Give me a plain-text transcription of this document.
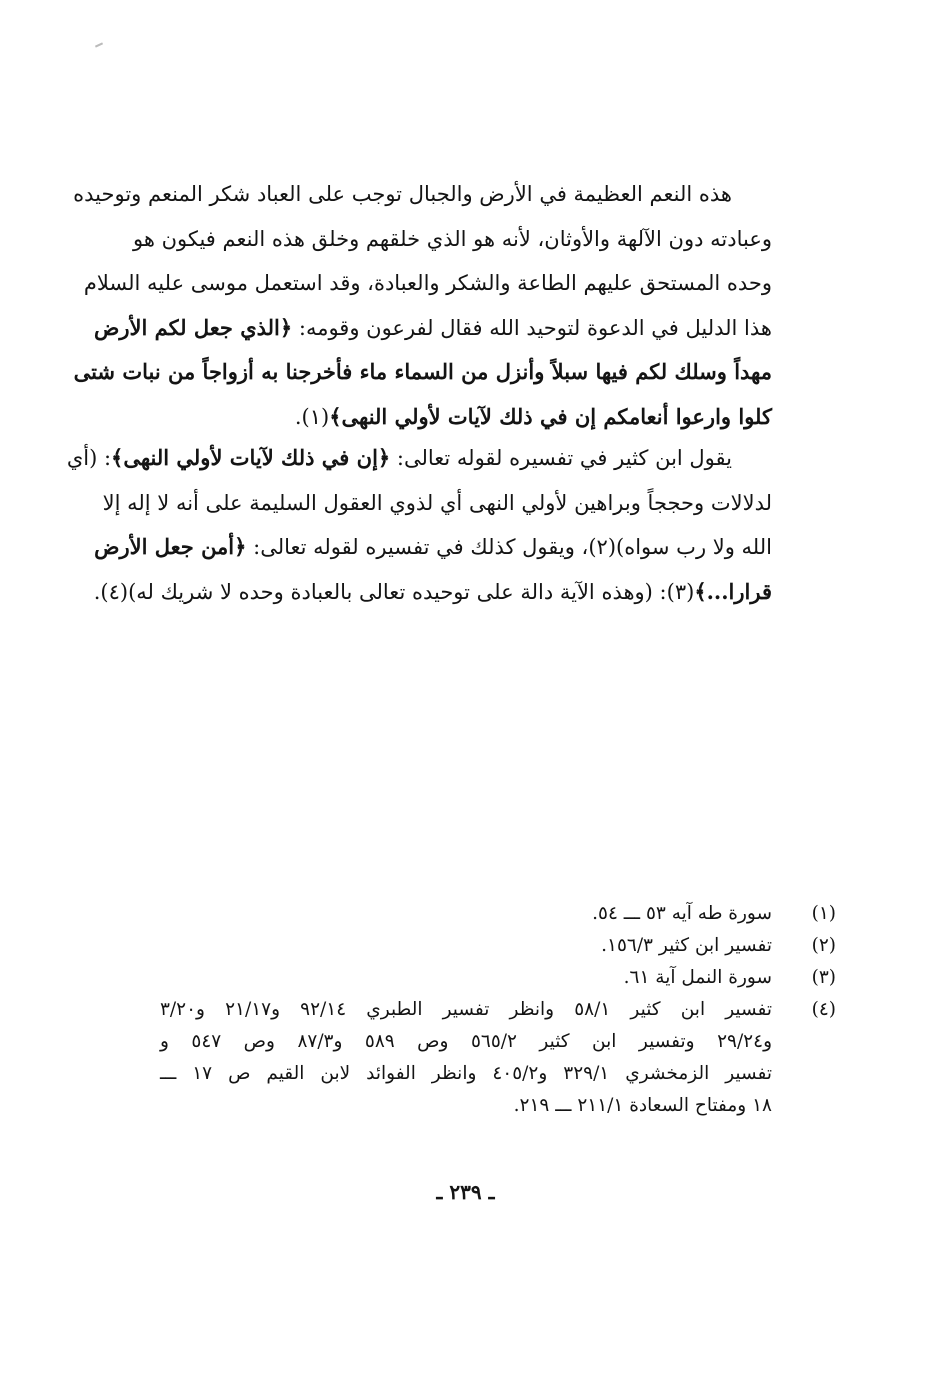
هذه النعم العظيمة في الأرض والجبال توجب على العباد شكر المنعم وتوحيده
وعبادته دون الآلهة والأوثان، لأنه هو الذي خلقهم وخلق هذه النعم فيكون هو
وحده المستحق عليهم الطاعة والشكر والعبادة، وقد استعمل موسى عليه السلام
هذا الدليل في الدعوة لتوحيد الله فقال لفرعون وقومه: ﴿الذي جعل لكم الأرض
مهداً وسلك لكم فيها سبلاً وأنزل من السماء ماء فأخرجنا به أزواجاً من نبات شتى
كلوا وارعوا أنعامكم إن في ذلك لآيات لأولي النهى﴾(١).
يقول ابن كثير في تفسيره لقوله تعالى: ﴿إن في ذلك لآيات لأولي النهى﴾: (أي
لدلالات وحججاً وبراهين لأولي النهى أي لذوي العقول السليمة على أنه لا إله إلا
الله ولا رب سواه)(٢)، ويقول كذلك في تفسيره لقوله تعالى: ﴿أمن جعل الأرض
قرارا...﴾(٣): (وهذه الآية دالة على توحيده تعالى بالعبادة وحده لا شريك له)(٤).
(١)
سورة طه آيه ٥٣ ـــ ٥٤.
(٢)
تفسير ابن كثير ١٥٦/٣.
(٣)
سورة النمل آية ٦١.
(٤)
تفسير ابن كثير ٥٨/١ وانظر تفسير الطبري ٩٢/١٤ و٢١/١٧ و٣/٢٠
و٢٩/٢٤ وتفسير ابن كثير ٥٦٥/٢ وص ٥٨٩ و٨٧/٣ وص ٥٤٧ و
تفسير الزمخشري ٣٢٩/١ و٤٠٥/٢ وانظر الفوائد لابن القيم ص ١٧ ـــ
١٨ ومفتاح السعادة ٢١١/١ ـــ ٢١٩.
ـ ٢٣٩ ـ
